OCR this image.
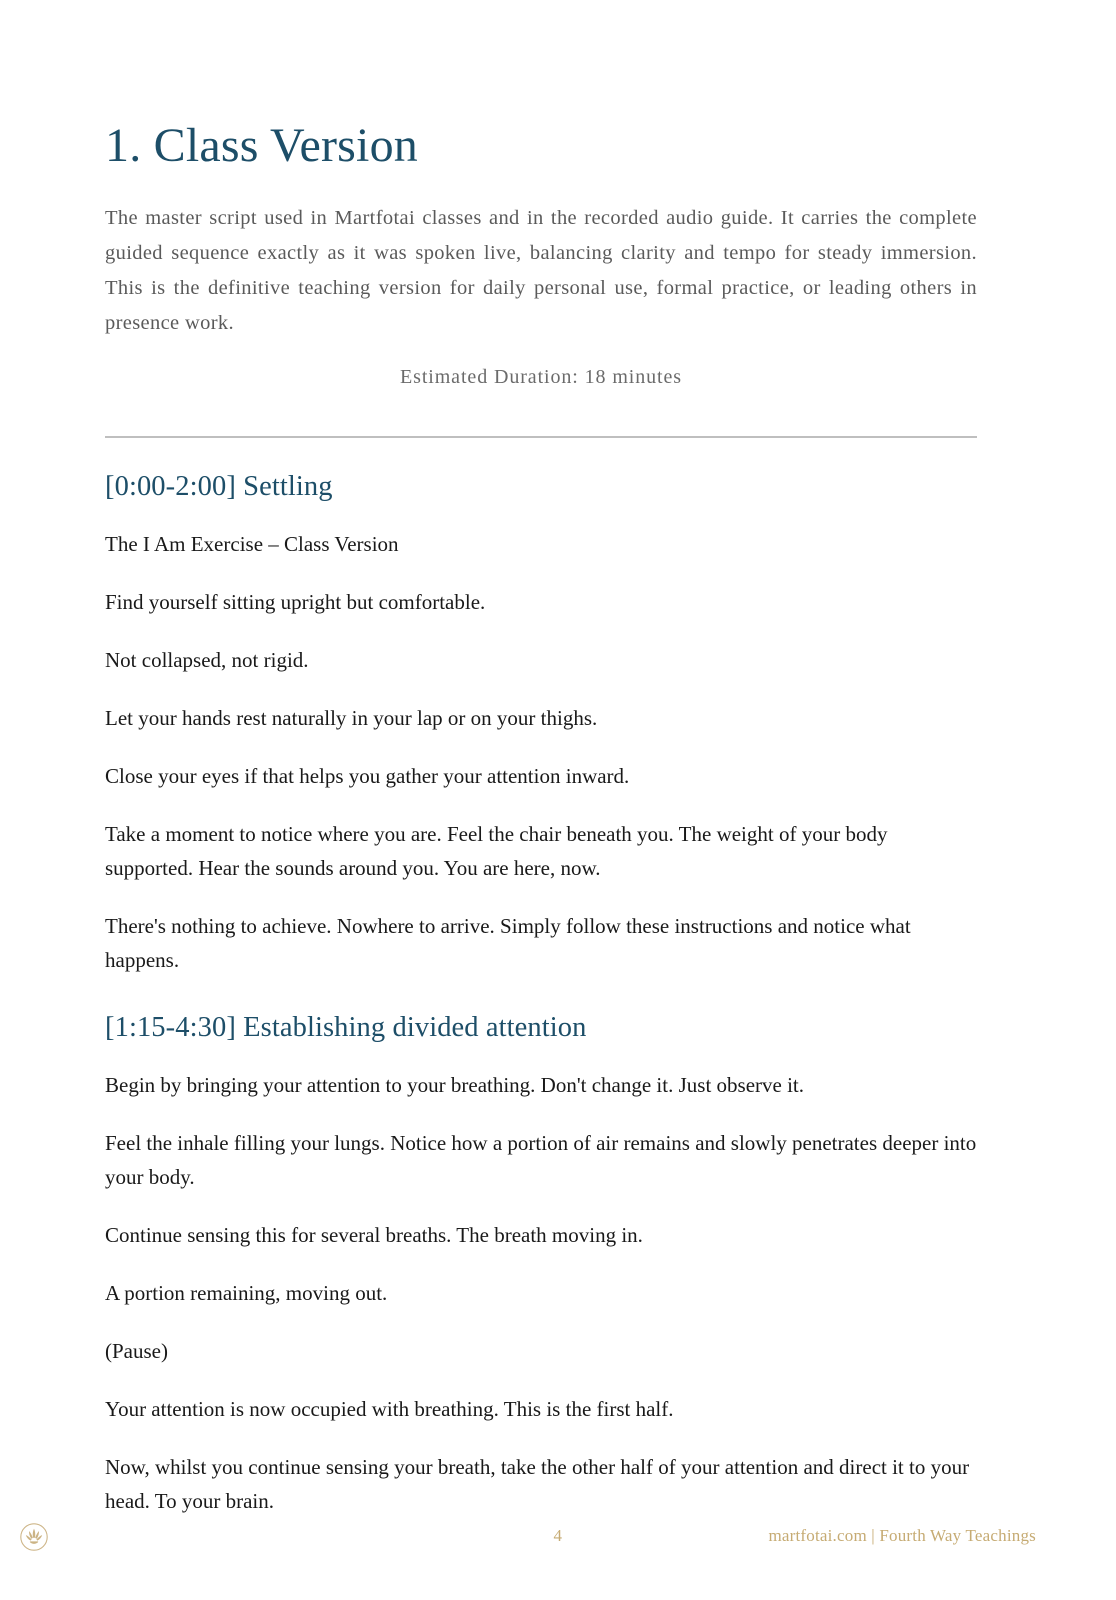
1. Class Version

The master script used in Martfotai classes and in the recorded audio guide. It carries the complete guided sequence exactly as it was spoken live, balancing clarity and tempo for steady immersion. This is the definitive teaching version for daily personal use, formal practice, or leading others in presence work.

Estimated Duration: 18 minutes

[0:00-2:00] Settling

The I Am Exercise – Class Version

Find yourself sitting upright but comfortable.

Not collapsed, not rigid.

Let your hands rest naturally in your lap or on your thighs.

Close your eyes if that helps you gather your attention inward.

Take a moment to notice where you are. Feel the chair beneath you. The weight of your body supported. Hear the sounds around you. You are here, now.

There's nothing to achieve. Nowhere to arrive. Simply follow these instructions and notice what happens.

[1:15-4:30] Establishing divided attention

Begin by bringing your attention to your breathing. Don't change it. Just observe it.

Feel the inhale filling your lungs. Notice how a portion of air remains and slowly penetrates deeper into your body.

Continue sensing this for several breaths. The breath moving in.

A portion remaining, moving out.

(Pause)

Your attention is now occupied with breathing. This is the first half.

Now, whilst you continue sensing your breath, take the other half of your attention and direct it to your head. To your brain.

4	martfotai.com | Fourth Way Teachings
